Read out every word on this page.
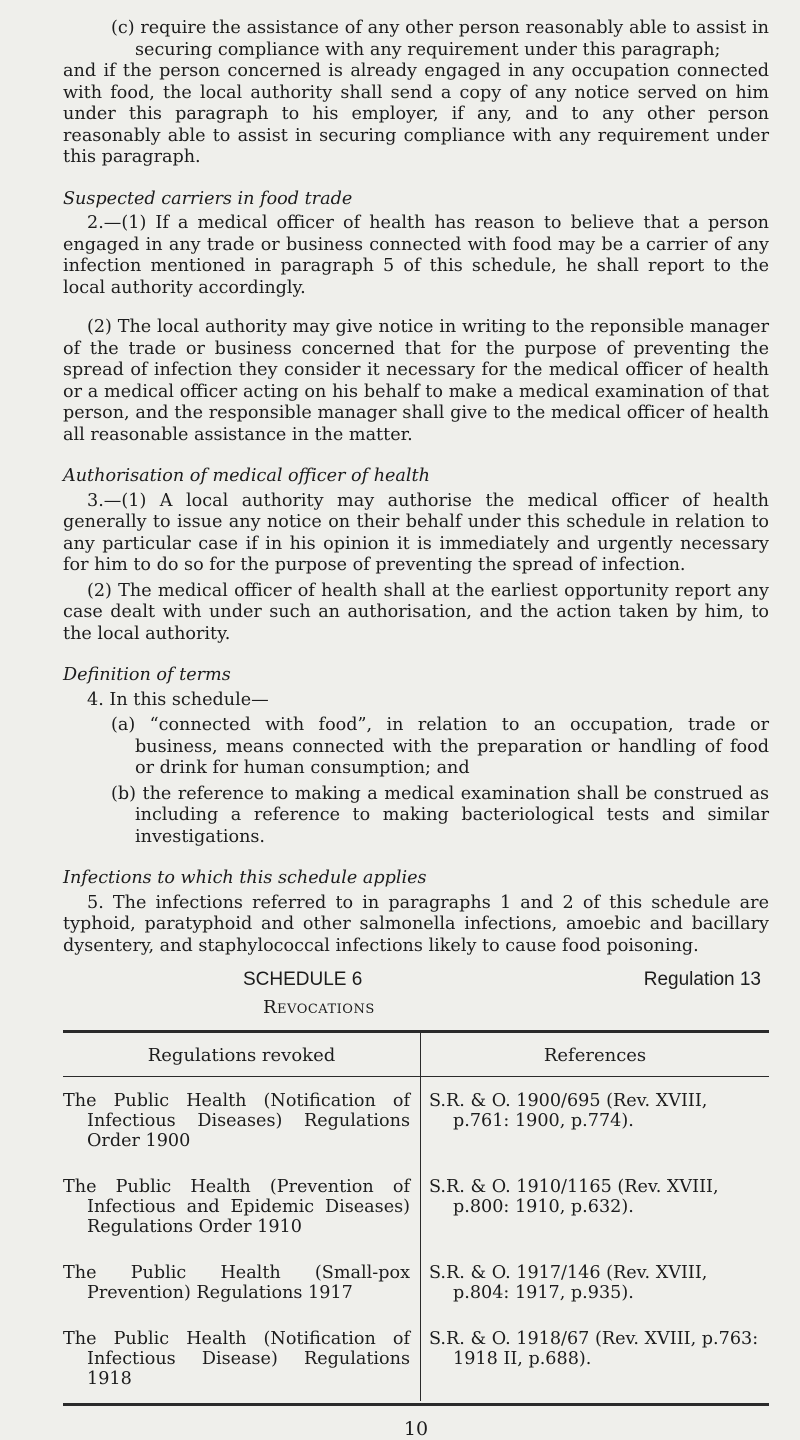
(c) require the assistance of any other person reasonably able to assist in securing compliance with any requirement under this paragraph;

and if the person concerned is already engaged in any occupation connected with food, the local authority shall send a copy of any notice served on him under this paragraph to his employer, if any, and to any other person reasonably able to assist in securing compliance with any requirement under this paragraph.

Suspected carriers in food trade

2.—(1) If a medical officer of health has reason to believe that a person engaged in any trade or business connected with food may be a carrier of any infection mentioned in paragraph 5 of this schedule, he shall report to the local authority accordingly.

(2) The local authority may give notice in writing to the reponsible manager of the trade or business concerned that for the purpose of preventing the spread of infection they consider it necessary for the medical officer of health or a medical officer acting on his behalf to make a medical examination of that person, and the responsible manager shall give to the medical officer of health all reasonable assistance in the matter.

Authorisation of medical officer of health

3.—(1) A local authority may authorise the medical officer of health generally to issue any notice on their behalf under this schedule in relation to any particular case if in his opinion it is immediately and urgently necessary for him to do so for the purpose of preventing the spread of infection.

(2) The medical officer of health shall at the earliest opportunity report any case dealt with under such an authorisation, and the action taken by him, to the local authority.

Definition of terms

4. In this schedule—

(a) “connected with food”, in relation to an occupation, trade or business, means connected with the preparation or handling of food or drink for human consumption; and

(b) the reference to making a medical examination shall be construed as including a reference to making bacteriological tests and similar investigations.

Infections to which this schedule applies

5. The infections referred to in paragraphs 1 and 2 of this schedule are typhoid, paratyphoid and other salmonella infections, amoebic and bacillary dysentery, and staphylococcal infections likely to cause food poisoning.

SCHEDULE 6	Regulation 13
Revocations
Regulations revoked	References

The Public Health (Notification of Infectious Diseases) Regulations Order 1900	S.R. & O. 1900/695 (Rev. XVIII, p.761: 1900, p.774).

The Public Health (Prevention of Infectious and Epidemic Diseases) Regulations Order 1910	S.R. & O. 1910/1165 (Rev. XVIII, p.800: 1910, p.632).

The Public Health (Small-pox Prevention) Regulations 1917	S.R. & O. 1917/146 (Rev. XVIII, p.804: 1917, p.935).

The Public Health (Notification of Infectious Disease) Regulations 1918	S.R. & O. 1918/67 (Rev. XVIII, p.763: 1918 II, p.688).
10
